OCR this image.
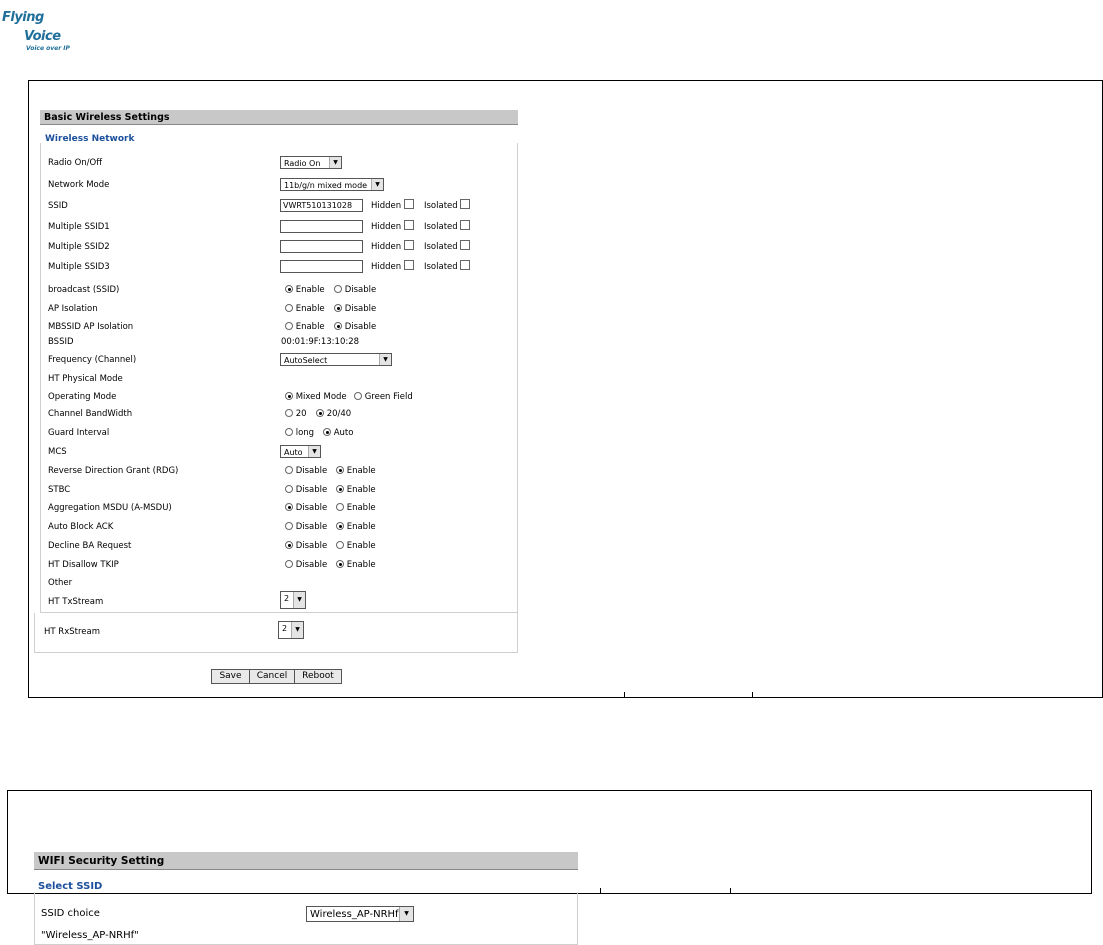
Flying
Voice
Voice over IP
Basic Wireless Settings
Wireless Network
Radio On/Off	Radio On	▼
Network Mode	11b/g/n mixed mode	▼
SSID	VWRT510131028	Hidden	Isolated
Multiple SSID1	Hidden	Isolated
Multiple SSID2	Hidden	Isolated
Multiple SSID3	Hidden	Isolated
broadcast (SSID)	Enable	Disable
AP Isolation	Enable	Disable
MBSSID AP Isolation	Enable	Disable
BSSID	00:01:9F:13:10:28
Frequency (Channel)	AutoSelect	▼
HT Physical Mode
Operating Mode	Mixed Mode	Green Field
Channel BandWidth	20	20/40
Guard Interval	long	Auto
MCS	Auto	▼
Reverse Direction Grant (RDG)	Disable	Enable
STBC	Disable	Enable
Aggregation MSDU (A-MSDU)	Disable	Enable
Auto Block ACK	Disable	Enable
Decline BA Request	Disable	Enable
HT Disallow TKIP	Disable	Enable
Other
HT TxStream	2	▼
HT RxStream	2	▼
Save	Cancel	Reboot
WIFI Security Setting
Select SSID
SSID choice	Wireless_AP-NRHf ▼
"Wireless_AP-NRHf"
